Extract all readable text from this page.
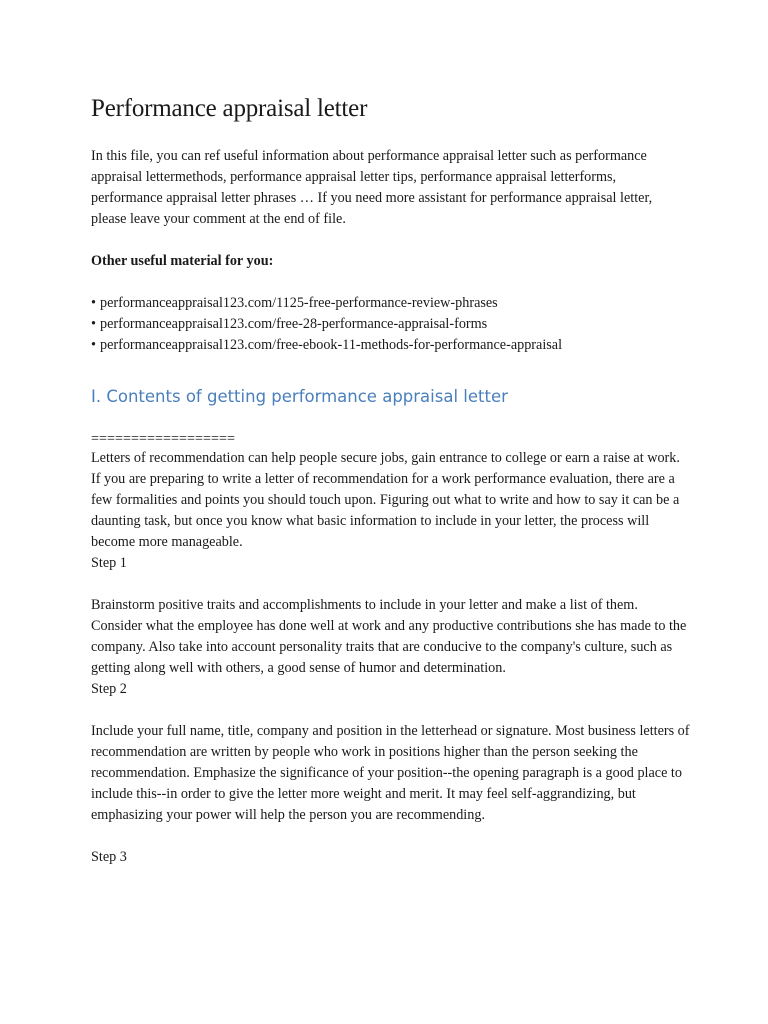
Performance appraisal letter

In this file, you can ref useful information about performance appraisal letter such as performance appraisal lettermethods, performance appraisal letter tips, performance appraisal letterforms, performance appraisal letter phrases … If you need more assistant for performance appraisal letter, please leave your comment at the end of file.

Other useful material for you:

• performanceappraisal123.com/1125-free-performance-review-phrases
• performanceappraisal123.com/free-28-performance-appraisal-forms
• performanceappraisal123.com/free-ebook-11-methods-for-performance-appraisal
I. Contents of getting performance appraisal letter

==================

Letters of recommendation can help people secure jobs, gain entrance to college or earn a raise at work. If you are preparing to write a letter of recommendation for a work performance evaluation, there are a few formalities and points you should touch upon. Figuring out what to write and how to say it can be a daunting task, but once you know what basic information to include in your letter, the process will become more manageable.

Step 1

Brainstorm positive traits and accomplishments to include in your letter and make a list of them. Consider what the employee has done well at work and any productive contributions she has made to the company. Also take into account personality traits that are conducive to the company's culture, such as getting along well with others, a good sense of humor and determination.

Step 2

Include your full name, title, company and position in the letterhead or signature. Most business letters of recommendation are written by people who work in positions higher than the person seeking the recommendation. Emphasize the significance of your position--the opening paragraph is a good place to include this--in order to give the letter more weight and merit. It may feel self-aggrandizing, but emphasizing your power will help the person you are recommending.

Step 3
